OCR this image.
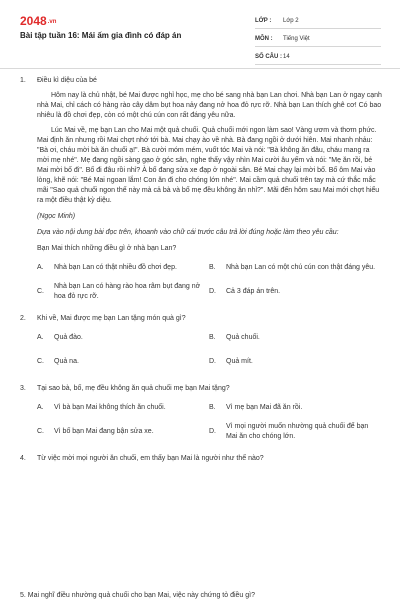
2048.vn
Bài tập tuần 16: Mái ấm gia đình có đáp án
LỚP :	Lớp 2
MÔN :	Tiếng Việt
SỐ CÂU : 14
1. Điều kì diệu của bé
Hôm nay là chủ nhật, bé Mai được nghỉ học, mẹ cho bé sang nhà bạn Lan chơi. Nhà bạn Lan ở ngay cạnh nhà Mai, chỉ cách có hàng rào cây dâm bụt hoa nảy đang nở hoa đỏ rực rỡ. Nhà bạn Lan thích ghê cơ! Có bao nhiêu là đồ chơi đẹp, còn có một chú cún con rất đáng yêu nữa.
Lúc Mai về, mẹ bạn Lan cho Mai một quả chuối. Quả chuối mới ngon làm sao! Vàng ươm và thơm phức. Mai định ăn nhưng rồi Mai chợt nhớ tới bà. Mai chạy ào về nhà. Bà đang ngồi ở dưới hiên. Mai nhanh nhảu: "Bà ơi, cháu mời bà ăn chuối ạ!". Bà cười móm mém, vuốt tóc Mai và nói: "Bà không ăn đâu, cháu mang ra mời mẹ nhé". Mẹ đang ngồi sàng gạo ở góc sân, nghe thấy vậy nhìn Mai cười âu yếm và nói: "Mẹ ăn rồi, bé Mai mời bố đi". Bố đi đâu rồi nhỉ? À bố đang sửa xe đạp ở ngoài sân. Bé Mai chạy lại mời bố. Bố ôm Mai vào lòng, khẽ nói: "Bé Mai ngoan lắm! Con ăn đi cho chóng lớn nhé". Mai cầm quả chuối trên tay mà cứ thắc mắc mãi "Sao quả chuối ngon thế này mà cả bà và bố mẹ đều không ăn nhỉ?". Mãi đến hôm sau Mai mới chợt hiểu ra một điều thật kỳ diệu.
(Ngọc Minh)
Dựa vào nội dung bài đọc trên, khoanh vào chữ cái trước câu trả lời đúng hoặc làm theo yêu cầu:
Bạn Mai thích những điều gì ở nhà bạn Lan?
A.	Nhà bạn Lan có thật nhiều đồ chơi đẹp.	B.	Nhà bạn Lan có một chú cún con thật đáng yêu.
C.
Nhà bạn Lan có hàng rào hoa râm bụt đang nở hoa đỏ rực rỡ.
D.	Cả 3 đáp án trên.
2. Khi về, Mai được mẹ bạn Lan tặng món quà gì?
A.	Quả đào.	B.	Quả chuối.
C.	Quả na.	D.	Quả mít.
3. Tại sao bà, bố, mẹ đều không ăn quả chuối mẹ bạn Mai tặng?
A.	Vì bà bạn Mai không thích ăn chuối.	B.	Vì mẹ bạn Mai đã ăn rồi.
C.	Vì bố bạn Mai đang bận sửa xe.	D.
Vì mọi người muốn nhường quả chuối để bạn Mai ăn cho chóng lớn.
4. Từ việc mời mọi người ăn chuối, em thấy bạn Mai là người như thế nào?
5. Mai nghĩ điều nhường quả chuối cho bạn Mai, việc này chứng tỏ điều gì?
